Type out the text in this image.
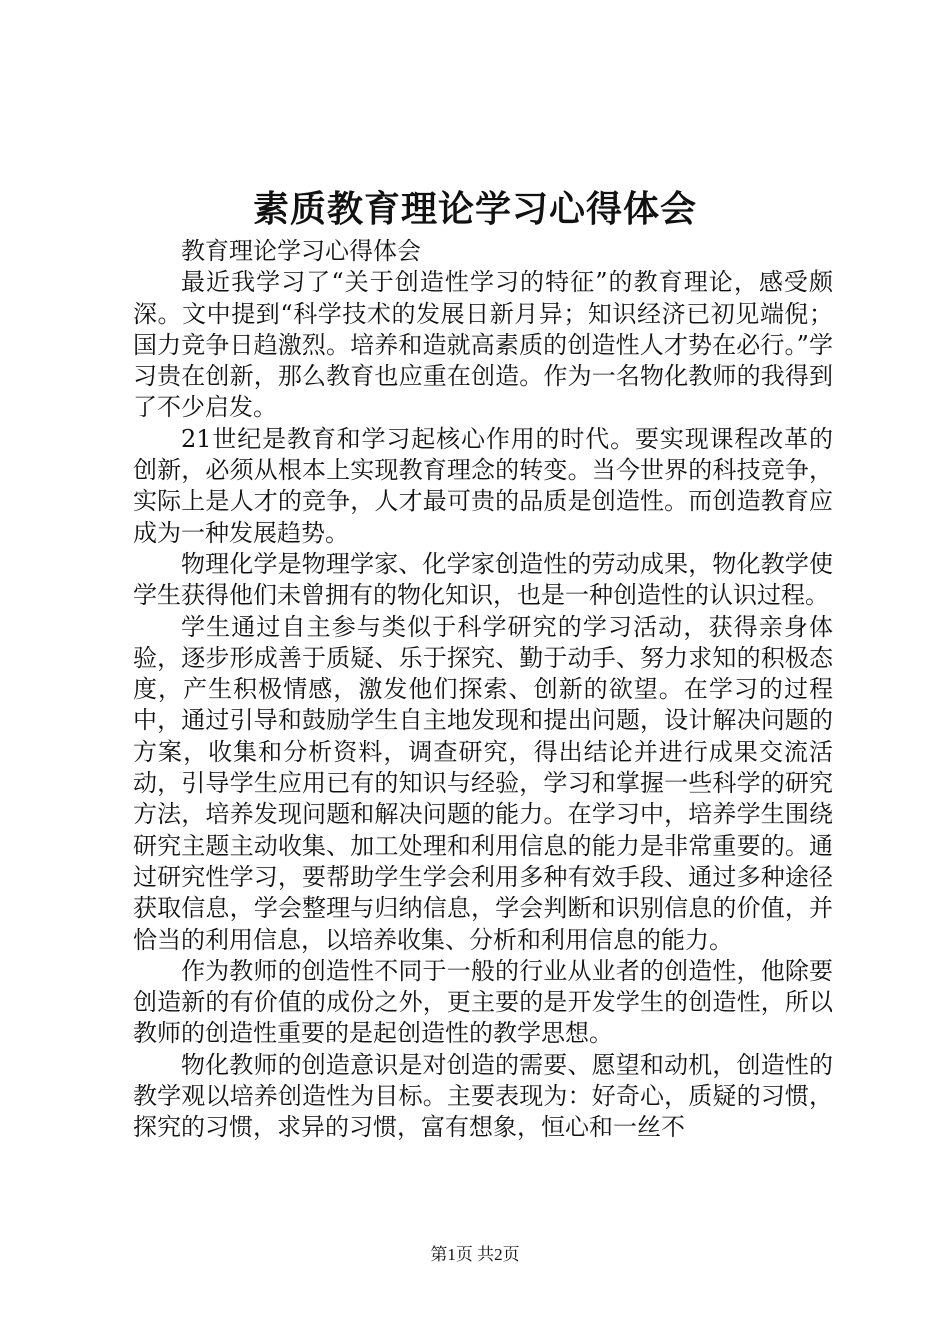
素质教育理论学习心得体会

教育理论学习心得体会

最近我学习了“关于创造性学习的特征”的教育理论，感受颇深。文中提到“科学技术的发展日新月异；知识经济已初见端倪；国力竞争日趋激烈。培养和造就高素质的创造性人才势在必行。”学习贵在创新，那么教育也应重在创造。作为一名物化教师的我得到了不少启发。

21世纪是教育和学习起核心作用的时代。要实现课程改革的创新，必须从根本上实现教育理念的转变。当今世界的科技竞争，实际上是人才的竞争，人才最可贵的品质是创造性。而创造教育应成为一种发展趋势。

物理化学是物理学家、化学家创造性的劳动成果，物化教学使学生获得他们未曾拥有的物化知识，也是一种创造性的认识过程。

学生通过自主参与类似于科学研究的学习活动，获得亲身体验，逐步形成善于质疑、乐于探究、勤于动手、努力求知的积极态度，产生积极情感，激发他们探索、创新的欲望。在学习的过程中，通过引导和鼓励学生自主地发现和提出问题，设计解决问题的方案，收集和分析资料，调查研究，得出结论并进行成果交流活动，引导学生应用已有的知识与经验，学习和掌握一些科学的研究方法，培养发现问题和解决问题的能力。在学习中，培养学生围绕研究主题主动收集、加工处理和利用信息的能力是非常重要的。通过研究性学习，要帮助学生学会利用多种有效手段、通过多种途径获取信息，学会整理与归纳信息，学会判断和识别信息的价值，并恰当的利用信息，以培养收集、分析和利用信息的能力。

作为教师的创造性不同于一般的行业从业者的创造性，他除要创造新的有价值的成份之外，更主要的是开发学生的创造性，所以教师的创造性重要的是起创造性的教学思想。

物化教师的创造意识是对创造的需要、愿望和动机，创造性的教学观以培养创造性为目标。主要表现为：好奇心，质疑的习惯，探究的习惯，求异的习惯，富有想象，恒心和一丝不

第1页 共2页
